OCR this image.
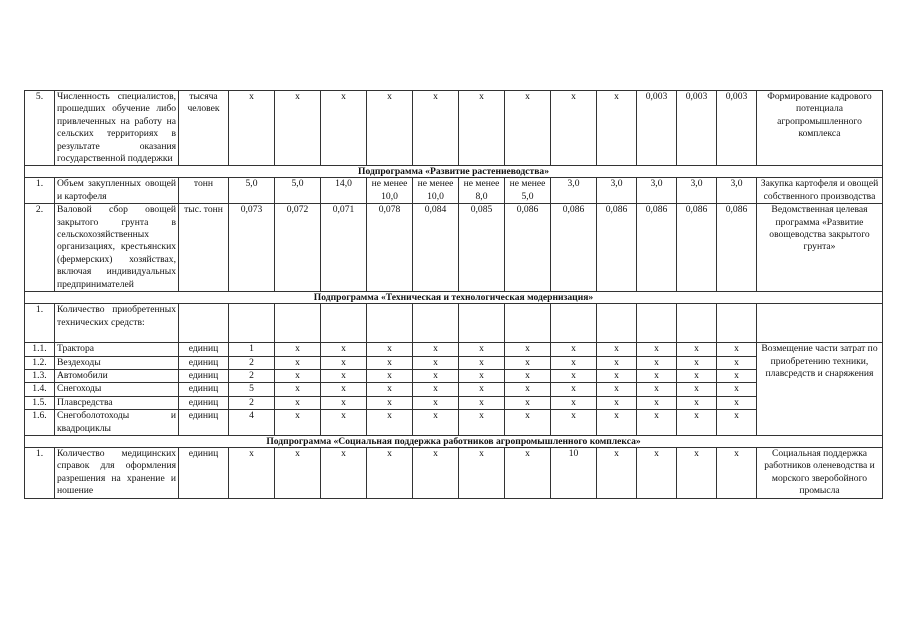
5.	Численность специалистов, прошедших обучение либо привлеченных на работу на сельских территориях в результате оказания государственной поддержки	тысяча человек	х	х	х	х	х	х	х	х	х	0,003	0,003	0,003	Формирование кадрового потенциала агропромышленного комплекса
Подпрограмма «Развитие растениеводства»															
1.	Объем закупленных овощей и картофеля	тонн	5,0	5,0	14,0	не менее 10,0	не менее 10,0	не менее 8,0	не менее 5,0	3,0	3,0	3,0	3,0	3,0	Закупка картофеля и овощей собственного производства
2.	Валовой сбор овощей закрытого грунта в сельскохозяйственных организациях, крестьянских (фермерских) хозяйствах, включая индивидуальных предпринимателей	тыс. тонн	0,073	0,072	0,071	0,078	0,084	0,085	0,086	0,086	0,086	0,086	0,086	0,086	Ведомственная целевая программа «Развитие овощеводства закрытого грунта»
Подпрограмма «Техническая и технологическая модернизация»															
1.	Количество приобретенных технических средств:														
1.1.	Трактора	единиц	1	х	х	х	х	х	х	х	х	х	х	х	Возмещение части затрат по приобретению техники, плавсредств и снаряжения
1.2.	Вездеходы	единиц	2	х	х	х	х	х	х	х	х	х	х	х	
1.3.	Автомобили	единиц	2	х	х	х	х	х	х	х	х	х	х	х	
1.4.	Снегоходы	единиц	5	х	х	х	х	х	х	х	х	х	х	х	
1.5.	Плавсредства	единиц	2	х	х	х	х	х	х	х	х	х	х	х	
1.6.	Снегоболотоходы и квадроциклы	единиц	4	х	х	х	х	х	х	х	х	х	х	х	
Подпрограмма «Социальная поддержка работников агропромышленного комплекса»															
1.	Количество медицинских справок для оформления разрешения на хранение и ношение	единиц	х	х	х	х	х	х	х	10	х	х	х	х	Социальная поддержка работников оленеводства и морского зверобойного промысла
